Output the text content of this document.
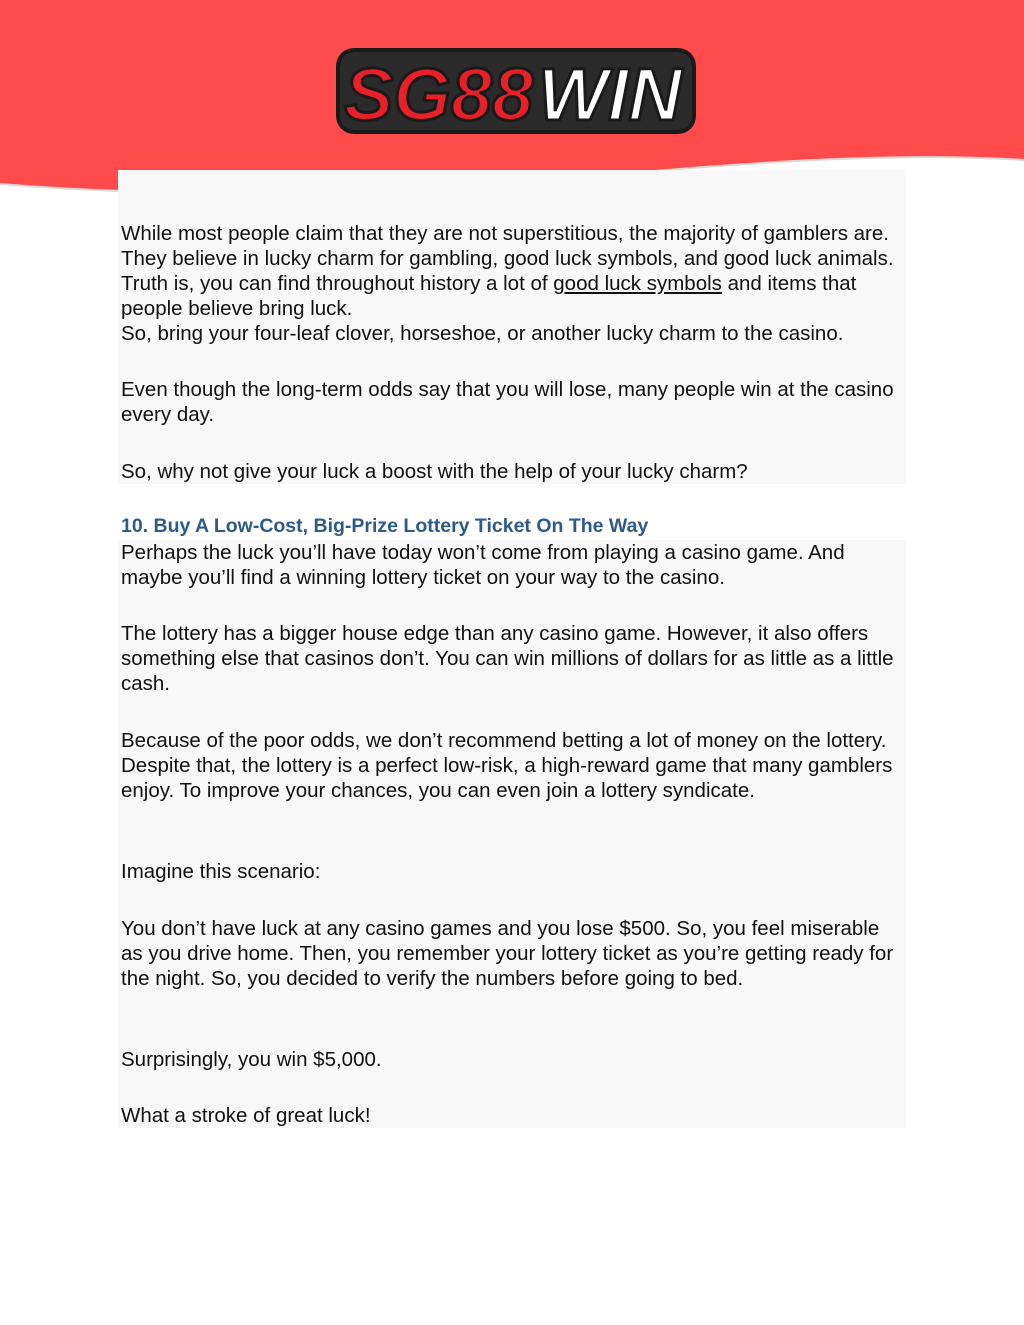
SG88 WIN

While most people claim that they are not superstitious, the majority of gamblers are. They believe in lucky charm for gambling, good luck symbols, and good luck animals. Truth is, you can find throughout history a lot of good luck symbols and items that people believe bring luck.

So, bring your four-leaf clover, horseshoe, or another lucky charm to the casino.

Even though the long-term odds say that you will lose, many people win at the casino every day.

So, why not give your luck a boost with the help of your lucky charm?

10. Buy A Low-Cost, Big-Prize Lottery Ticket On The Way

Perhaps the luck you’ll have today won’t come from playing a casino game. And maybe you’ll find a winning lottery ticket on your way to the casino.

The lottery has a bigger house edge than any casino game. However, it also offers something else that casinos don’t. You can win millions of dollars for as little as a little cash.

Because of the poor odds, we don’t recommend betting a lot of money on the lottery. Despite that, the lottery is a perfect low-risk, a high-reward game that many gamblers enjoy. To improve your chances, you can even join a lottery syndicate.

Imagine this scenario:

You don’t have luck at any casino games and you lose $500. So, you feel miserable as you drive home. Then, you remember your lottery ticket as you’re getting ready for the night. So, you decided to verify the numbers before going to bed.

Surprisingly, you win $5,000.

What a stroke of great luck!
